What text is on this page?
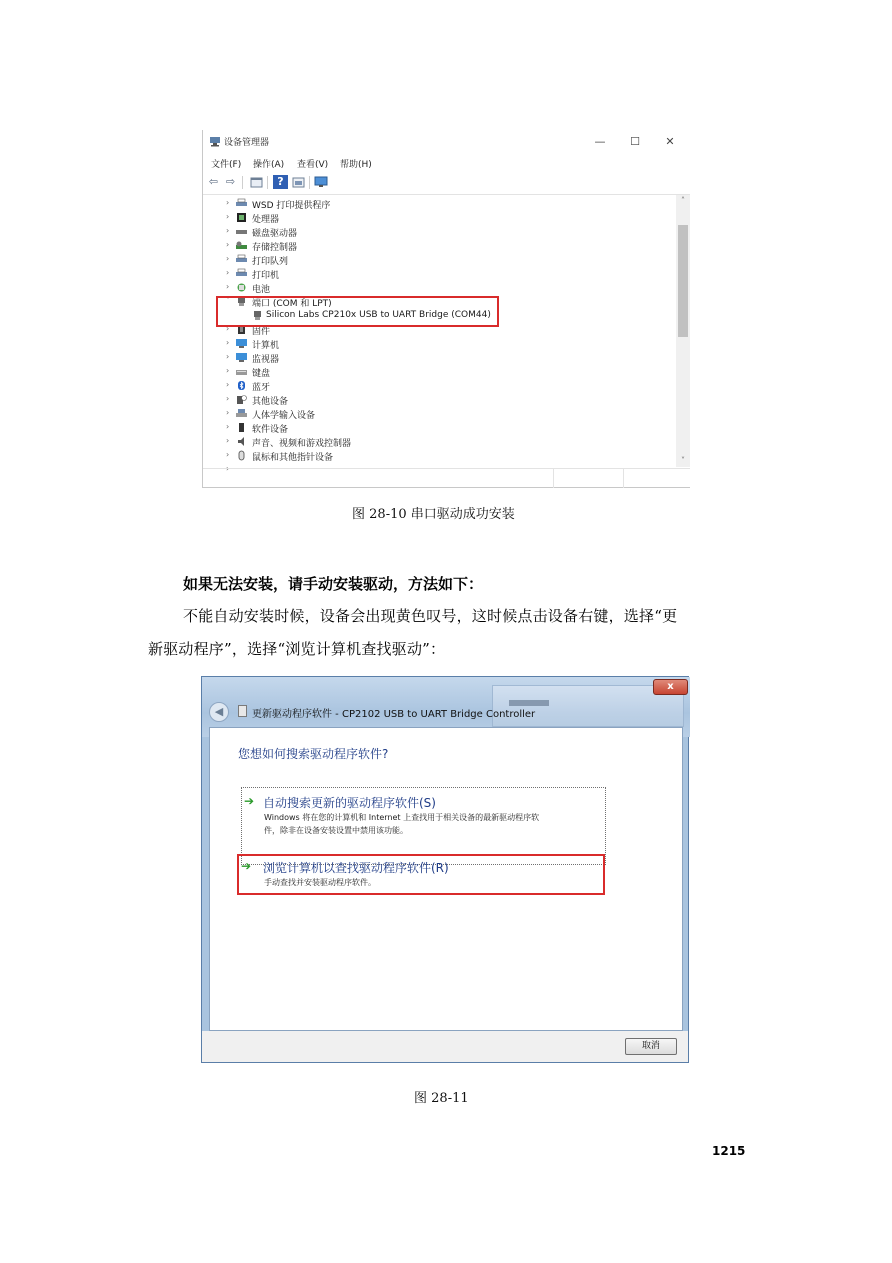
设备管理器	—	☐	✕
文件(F) 操作(A) 查看(V) 帮助(H)
⇦ ⇨	?
›	WSD 打印提供程序
›	处理器
›	磁盘驱动器
›	存储控制器
›	打印队列
›	打印机
›	电池
˅ 端口 (COM 和 LPT)
Silicon Labs CP210x USB to UART Bridge (COM44)
›	固件
›	计算机
›	监视器
›	键盘
›	蓝牙
›	其他设备
›	人体学输入设备
›	软件设备
›	声音、视频和游戏控制器
›	鼠标和其他指针设备
›
˄
˅
图 28-10 串口驱动成功安装
如果无法安装，请手动安装驱动，方法如下：
不能自动安装时候，设备会出现黄色叹号，这时候点击设备右键，选择“更
新驱动程序”，选择“浏览计算机查找驱动”：
x
◀	更新驱动程序软件 - CP2102 USB to UART Bridge Controller
您想如何搜索驱动程序软件?
➔ 自动搜索更新的驱动程序软件(S)
Windows 将在您的计算机和 Internet 上查找用于相关设备的最新驱动程序软
件，除非在设备安装设置中禁用该功能。
➔ 浏览计算机以查找驱动程序软件(R)
手动查找并安装驱动程序软件。
取消
图 28-11
1215
